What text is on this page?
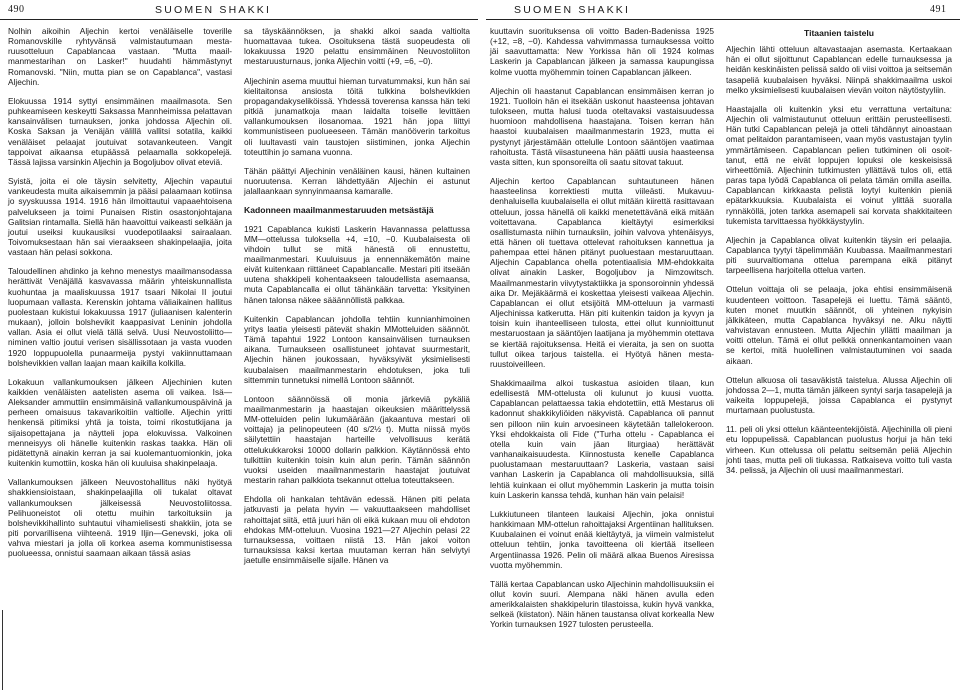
490	SUOMEN SHAKKI

Nolhin aikoihin Aljechin kertoi venäläiselle toverille Romanovskille ryhtyvänsä valmistautumaan mestaruusotteluun Capablancaa vastaan. "Mutta maailmanmestarihan on Lasker!" huudahti hämmästynyt Romanovski. "Niin, mutta pian se on Capablanca", vastasi Aljechin.

Elokuussa 1914 syttyi ensimmäinen maailmasota. Sen puhkeamiseen keskeytti Saksassa Mannheimissa pelattavan kansainvälisen turnauksen, jonka johdossa Aljechin oli. Koska Saksan ja Venäjän välillä vallitsi sotatila, kaikki venäläiset pelaajat joutuivat sotavankeuteen. Vangit tappoivat aikaansa etupäässä pelaamalla sokkopelejä. Tässä lajissa varsinkin Aljechin ja Bogoljubov olivat eteviä.

Syistä, joita ei ole täysin selvitetty, Aljechin vapautui vankeudesta muita aikaisemmin ja pääsi palaamaan kotiinsa jo syyskuussa 1914. 1916 hän ilmoittautui vapaaehtoisena palvelukseen ja toimi Punaisen Ristin osastonjohtajana Galitsian rintamalla. Siellä hän haavoittui vaikeasti selkään ja joutui useiksi kuukausiksi vuodepotilaaksi sairaalaan. Toivomuksestaan hän sai vieraakseen shakinpelaajia, joita vastaan hän pelasi sokkona.

Taloudellinen ahdinko ja kehno menestys maailmansodassa herättivät Venäjällä kasvavassa määrin yhteiskunnallista kuohuntaa ja maaliskuussa 1917 tsaari Nikolai II joutui luopumaan vallasta. Kerenskin johtama väliaikainen hallitus puolestaan kukistui lokakuussa 1917 (juliaanisen kalenterin mukaan), jolloin bolshevikit kaappasivat Leninin johdolla vallan. Asia ei ollut vielä tällä selvä. Uusi Neuvostoliitto—niminen valtio joutui verisen sisällissotaan ja vasta vuoden 1920 loppupuolella punaarmeija pystyi vakiinnuttamaan bolshevikkien vallan laajan maan kaikilla kolkilla.

Lokakuun vallankumouksen jälkeen Aljechinien kuten kaikkien venäläisten aatelisten asema oli vaikea. Isä—Aleksander ammuttiin ensimmäisinä vallankumouspäivinä ja perheen omaisuus takavarikoitiin valtiolle. Aljechin yritti henkensä pitimiksi yhtä ja toista, toimi rikostutkijana ja sijaisopettajana ja näytteli jopa elokuvissa. Valkoinen menneisyys oli hänelle kuitenkin raskas taakka. Hän oli pidätettynä ainakin kerran ja sai kuolemantuomionkin, joka kuitenkin kumottiin, koska hän oli kuuluisa shakinpelaaja.

Vallankumouksen jälkeen Neuvostohallitus näki hyötyä shakkiensioistaan, shakinpelaajilla oli tukalat oltavat vallankumouksen jälkeisessä Neuvostoliitossa. Pelihuoneistot oli otettu muihin tarkoituksiin ja bolshevikkihallinto suhtautui vihamielisesti shakkiin, jota se piti porvarillisena viihteenä. 1919 Iljin—Genevski, joka oli vahva miestari ja jolla oli korkea asema kommunistisessa puolueessa, onnistui saamaan aikaan tässä asias

sa täyskäännöksen, ja shakki alkoi saada valtiolta huomattavaa tukea. Osoituksena tästä suopeudesta oli lokakuussa 1920 pelattu ensimmäinen Neuvostoliiton mestaruusturnaus, jonka Aljechin voitti (+9, =6, −0).

Aljechinin asema muuttui hieman turvatummaksi, kun hän sai kielitaitonsa ansiosta töitä tulkkina bolshevikkien propagandakyseliköissä. Yhdessä toverensa kanssa hän teki pitkiä junamatkoja maan laidalta toiselle levittäen vallankumouksen ilosanomaa. 1921 hän jopa liittyi kommunistiseen puolueeseen. Tämän manööverin tarkoitus oli luultavasti vain taustojen siistiminen, jonka Aljechin toteuttihin jo samana vuonna.

Tähän päättyi Aljechinin venäläinen kausi, hänen kultainen nuoruutensa. Kerran lähdettyään Aljechin ei astunut jalallaankaan synnyinmaansa kamaralle.

Kadonneen maailmanmestaruuden metsästäjä

1921 Capablanca kukisti Laskerin Havannassa pelattussa MM—ottelussa tuloksella +4, =10, −0. Kuubalaisesta oli vihdoin tullut se mitä hänestä oli ennustettu, maailmanmestari. Kuuluisuus ja ennennäkemätön maine eivät kuitenkaan riittäneet Capablancalle. Mestari piti itseään uutena shakkipeli kohentaakseen taloudellista asemaansa, muta Capablancalla ei ollut tähänkään tarvetta: Yksityinen hänen talonsa näkee sääännöllistä palkkaa.

Kuitenkin Capablancan johdolla tehtiin kunnianhimoinen yritys laatia yleisesti pätevät shakin MMotteluiden säännöt. Tämä tapahtui 1922 Lontoon kansainvälisen turnauksen aikana. Turnaukseen osallistuneet johtavat suurmestarit, Aljechin hänen joukossaan, hyväksyivät yksimielisesti kuubalaisen maailmanmestarin ehdotuksen, joka tuli sittemmin tunnetuksi nimellä Lontoon säännöt.

Lontoon säännöissä oli monia järkeviä pykäliä maailmanmestarin ja haastajan oikeuksien määrittelyssä MM-otteluiden pelin lukumäärään (jakaantuva mestari oli voittaja) ja pelinopeuteen (40 s/2½ t). Mutta niissä myös säilytettiin haastajan harteille velvollisuus kerätä ottelukukkaroksi 10000 dollarin palkkion. Käytännössä ehto tulkittiin kuitenkin toisin kuin alun perin. Tämän säännön vuoksi useiden maailmanmestarin haastajat joutuivat mestarin rahan palkkiota tsekannut ottelua toteuttakseen.

Ehdolla oli hankalan tehtävän edessä. Hänen piti pelata jatkuvasti ja pelata hyvin — vakuuttaakseen mahdolliset rahoittajat siitä, että juuri hän oli eikä kukaan muu oli ehdoton ehdokas MM-otteluun. Vuosina 1921—27 Aljechin pelasi 22 turnauksessa, voittaen niistä 13. Hän jakoi voiton turnauksissa kaksi kertaa muutaman kerran hän selviytyi jaetulle ensimmäiselle sijalle. Hänen va

SUOMEN SHAKKI	491

kuuttavin suorituksensa oli voitto Baden-Badenissa 1925 (+12, =8, −0). Kahdessa vahvimmassa turnauksessa voitto jäi saavuttamatta: New Yorkissa hän oli 1924 kolmas Laskerin ja Capablancan jälkeen ja samassa kaupungissa kolme vuotta myöhemmin toinen Capablancan jälkeen.

Aljechin oli haastanut Capablancan ensimmäisen kerran jo 1921. Tuolloin hän ei itsekään uskonut haasteensa johtavan tulokseen, mutta halusi tuoda oteltavaksi vastaisuudessa huomioon mahdollisena haastajana. Toisen kerran hän haastoi kuubalaisen maailmanmestarin 1923, mutta ei pystynyt järjestämään ottelulle Lontoon sääntöjen vaatimaa rahoitusta. Tästä viisastuneena hän päätti uusia haasteensa vasta sitten, kun sponsoreilta oli saatu sitovat takuut.

Aljechin kertoo Capablancan suhtautuneen hänen haasteelinsa korrektiesti mutta viileästi. Mukavuudenhaluisella kuubalaisella ei ollut mitään kiirettä rasittavaan otteluun, jossa hänellä oli kaikki menetettävänä eikä mitään voitettavana. Capablanca kieltäytyi esimerkiksi osallistumasta niihin turnauksiin, joihin valvova yhtenäisyys, että hänen oli tuettava ottelevat rahoituksen kannettua ja pahempaa ettei hänen pitänyt puoluestaan mestaruuttaan. Aljechin Capablanca ohella potentiaalisia MM-ehdokkaita olivat ainakin Lasker, Bogoljubov ja Nimzowitsch. Maailmanmestarin viivytystaktiikka ja sponsoroinnin yhdessä aika Dr. Mejäkäärmä ei koskettaa yleisesti vaikeaa Aljechin. Capablancan ei ollut etsijöitä MM-otteluun ja varmasti Aljechinissa katkerutta. Hän piti kuitenkin taidon ja kyvyn ja toisin kuin ihanteelliseen tulosta, ettei ollut kunnioittunut mestaruostaan ja sääntöjen laatijana ja myöhemmin otettava se kiertää rajoituksensa. Heitä ei vieraita, ja sen on suotta tullut oikea tarjous taistella. ei Hyötyä hänen mestaruustoiveilleen.

Shakkimaailma alkoi tuskastua asioiden tilaan, kun edellisestä MM-ottelusta oli kulunut jo kuusi vuotta. Capablancan pelattaessa takia ehdotettiin, että Mestarus oli kadonnut shakkikyliöiden näkyvistä. Capablanca oli pannut sen pilloon niin kuin arvoesineen käytetään tallelokeroon. Yksi ehdokkaista oli Fide ("Turha ottelu - Capablanca ei otella kuin vain jäan liturgiaa) herättävät vanhanaikaisuudesta. Kiinnostusta kenelle Capablanca puolustamaan mestaruuttaan? Laskeria, vastaan saisi vanhan Laskerin ja Capablanca oli mahdollisuuksia, sillä lehtiä kuinkaan ei ollut myöhemmin Laskerin ja mutta toisin kuin Laskerin kanssa tehdä, kunhan hän vain pelaisi!

Lukkiutuneen tilanteen laukaisi Aljechin, joka onnistui hankkimaan MM-ottelun rahoittajaksi Argentiinan hallituksen. Kuubalainen ei voinut enää kieltäytyä, ja viimein valmistelut otteluun tehtiin, jonka tavoitteena oli kiertää itselleen Argentiinassa 1926. Pelin oli määrä alkaa Buenos Airesissa vuotta myöhemmin.

Tällä kertaa Capablancan usko Aljechinin mahdollisuuksiin ei ollut kovin suuri. Alempana näki hänen avulla eden amerikkalaisten shakkipelurin tilastoissa, kukin hyvä vankka, selkeä (kiistaton). Näin hänen taustansa olivat korkealla New Yorkin turnauksen 1927 tulosten perusteella.

Titaanien taistelu

Aljechin lähti otteluun altavastaajan asemasta. Kertaakaan hän ei ollut sijoittunut Capablancan edelle turnauksessa ja heidän keskinäisten pelissä saldo oli viisi voittoa ja seitsemän tasapeliä kuubalaisen hyväksi. Niinpä shakkimaailma uskoi melko yksimielisesti kuubalaisen vievän voiton näytöstyyliin.

Haastajalla oli kuitenkin yksi etu verrattuna vertaituna: Aljechin oli valmistautunut otteluun erittäin perusteellisesti. Hän tutki Capablancan pelejä ja otteli tähdännyt ainoastaan omat pelitaidon parantamiseen, vaan myös vastustajan tyylin ymmärtämiseen. Capablancan pelien tutkiminen oli osoittanut, että ne eivät loppujen lopuksi ole keskeisissä virheettömiä. Aljechinin tutkimusten yllättävä tulos oli, että paras tapa lyödä Capablanca oli pelata tämän omilla aseilla. Capablancan kirkkaasta pelistä loytyi kuitenkin pieniä epätarkkuuksia. Kuubalaista ei voinut ylittää suoralla rynnäköllä, joten tarkka asemapeli sai korvata shakkitaiteen tukemista tarvittaessa hyökkäystyylin.

Aljechin ja Capablanca olivat kuitenkin täysin eri pelaajia. Capablanca tyytyi täpelimmään Kuubassa. Maailmanmestari piti suurvaltiomana ottelua parempana eikä pitänyt tarpeellisena harjoitella ottelua varten.

Ottelun voittaja oli se pelaaja, joka ehtisi ensimmäisenä kuudenteen voittoon. Tasapelejä ei luettu. Tämä sääntö, kuten monet muutkin säännöt, oli yhteinen nykyisin jälkikäteen, mutta Capablanca hyväksyi ne. Alku näytti vahvistavan ennusteen. Mutta Aljechin yllätti maailman ja voitti ottelun. Tämä ei ollut pelkkä onnenkantamoinen vaan se kertoi, mitä huolellinen valmistautuminen voi saada aikaan.

Ottelun alkuosa oli tasaväkistä taistelua. Alussa Aljechin oli johdossa 2—1, mutta tämän jälkeen syntyi sarja tasapelejä ja vaikeita loppupelejä, joissa Capablanca ei pystynyt murtamaan puolustusta.

11. peli oli yksi ottelun käänteentekijöistä. Aljechinilla oli pieni etu loppupelissä. Capablancan puolustus horjui ja hän teki virheen. Kun ottelussa oli pelattu seitsemän peliä Aljechin johti taas, mutta peli oli tiukassa. Ratkaiseva voitto tuli vasta 34. pelissä, ja Aljechin oli uusi maailmanmestari.
